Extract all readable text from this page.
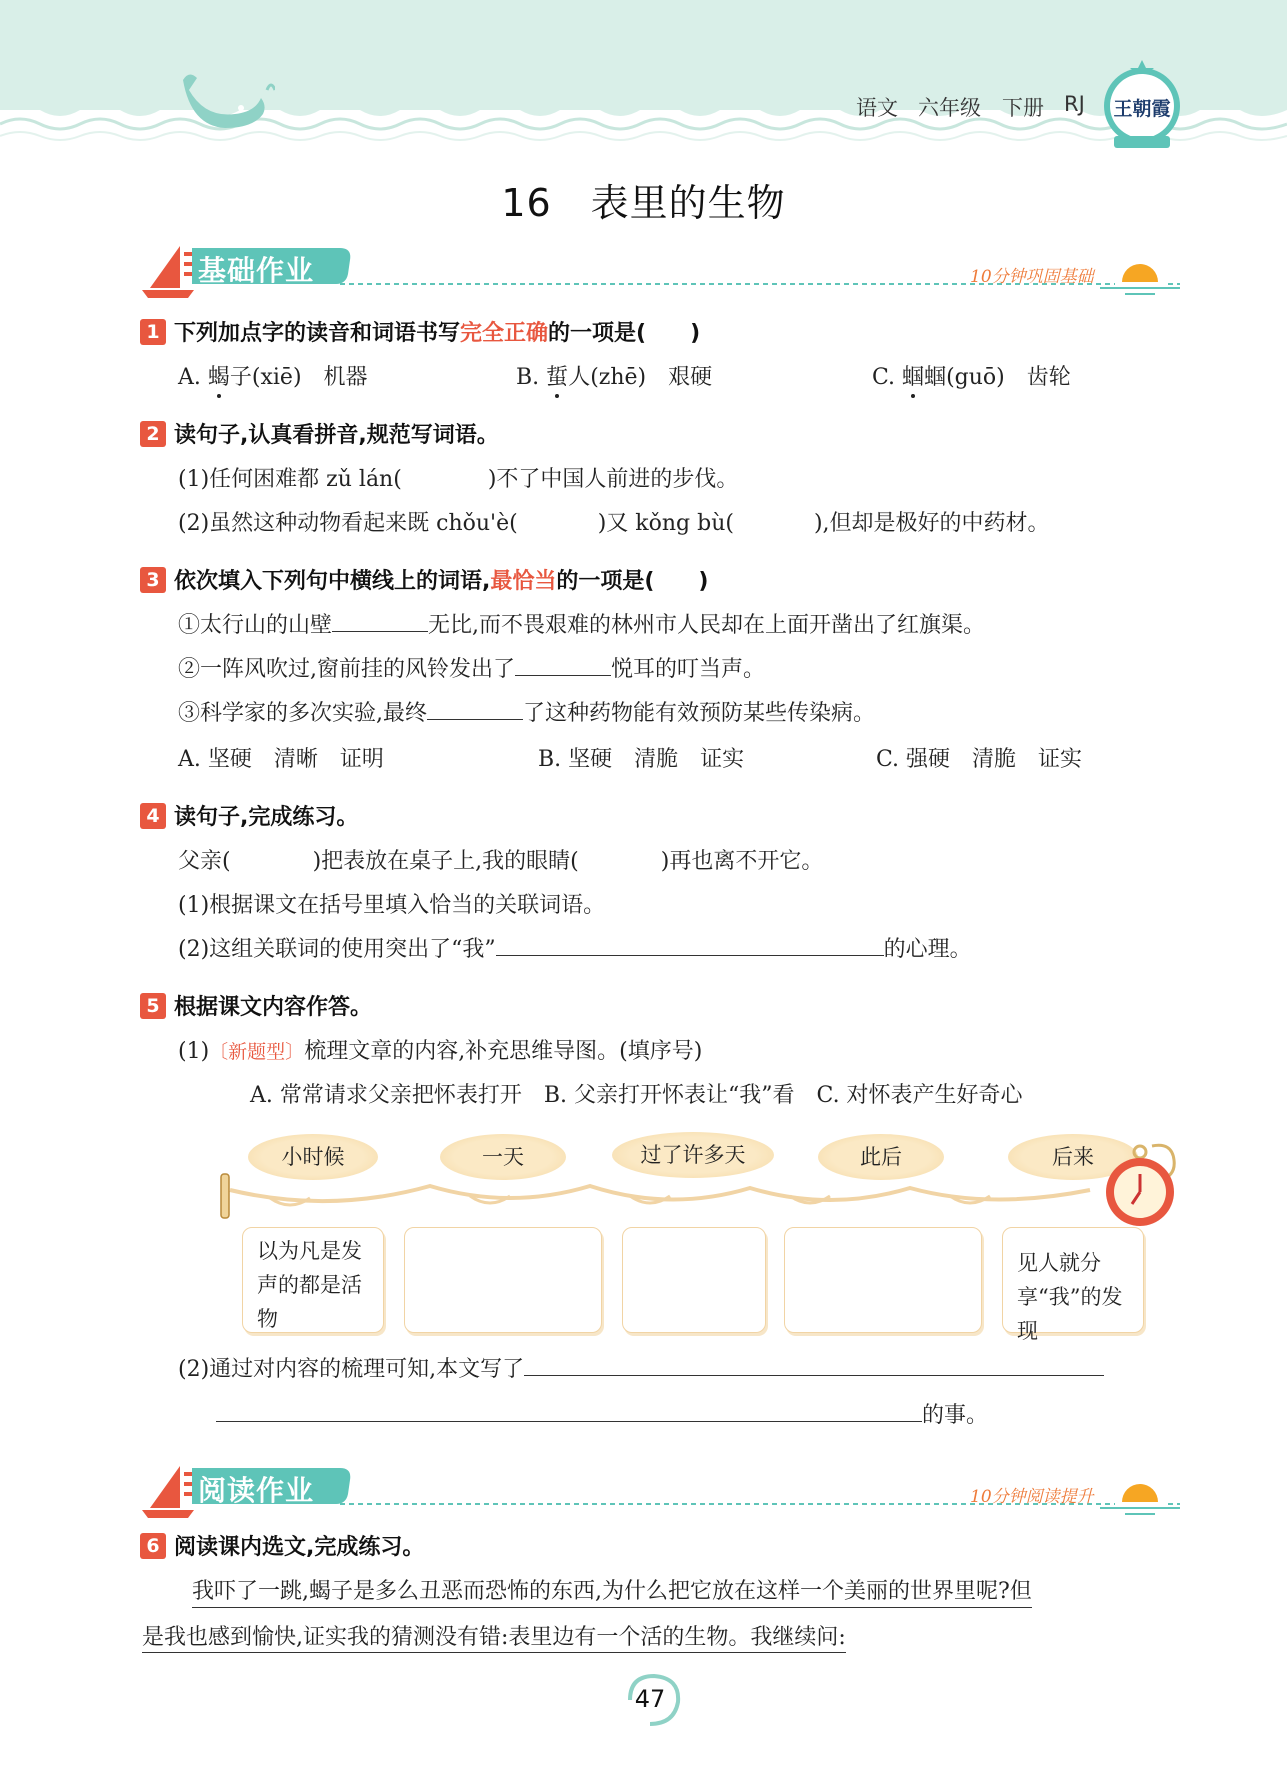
语文 六年级 下册 RJ 王朝霞
16　表里的生物
基础作业	10分钟巩固基础
1 下列加点字的读音和词语书写完全正确的一项是(　　)
A. 蝎子(xiē)　机器	B. 蜇人(zhē)　艰硬	C. 蝈蝈(guō)　齿轮
2 读句子,认真看拼音,规范写词语。
(1)任何困难都 zǔ lán(	)不了中国人前进的步伐。
(2)虽然这种动物看起来既 chǒu'è(	)又 kǒng bù(	),但却是极好的中药材。
3 依次填入下列句中横线上的词语,最恰当的一项是(　　)
①太行山的山壁	无比,而不畏艰难的林州市人民却在上面开凿出了红旗渠。
②一阵风吹过,窗前挂的风铃发出了	悦耳的叮当声。
③科学家的多次实验,最终	了这种药物能有效预防某些传染病。
A. 坚硬　清晰　证明	B. 坚硬　清脆　证实	C. 强硬　清脆　证实
4 读句子,完成练习。
父亲(	)把表放在桌子上,我的眼睛(	)再也离不开它。
(1)根据课文在括号里填入恰当的关联词语。
(2)这组关联词的使用突出了“我”	的心理。
5 根据课文内容作答。
(1)〔新题型〕梳理文章的内容,补充思维导图。(填序号)
A. 常常请求父亲把怀表打开　B. 父亲打开怀表让“我”看　C. 对怀表产生好奇心
小时候	一天	过了许多天	此后	后来
以为凡是发声的都是活物
见人就分享“我”的发现
(2)通过对内容的梳理可知,本文写了
的事。
阅读作业	10分钟阅读提升
6 阅读课内选文,完成练习。
我吓了一跳,蝎子是多么丑恶而恐怖的东西,为什么把它放在这样一个美丽的世界里呢?但
是我也感到愉快,证实我的猜测没有错:表里边有一个活的生物。我继续问:
47
